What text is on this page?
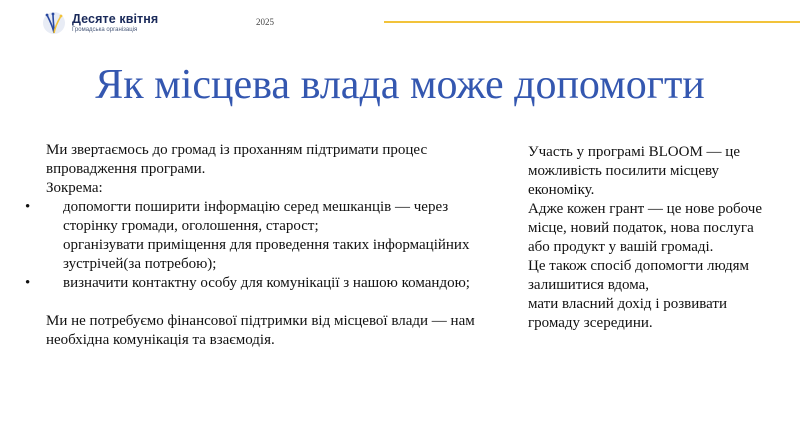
Десяте квітня
Громадська організація
2025
Як місцева влада може допомогти

Ми звертаємось до громад із проханням підтримати процес

впровадження програми.

Зокрема:

• допомогти поширити інформацію серед мешканців — через
сторінку громади, оголошення, старост;
організувати приміщення для проведення таких інформаційних
зустрічей(за потребою);
• визначити контактну особу для комунікації з нашою командою;

Ми не потребуємо фінансової підтримки від місцевої влади — нам

необхідна комунікація та взаємодія.

Участь у програмі BLOOM — це

можливість посилити місцеву

економіку.

Адже кожен грант — це нове робоче

місце, новий податок, нова послуга

або продукт у вашій громаді.

Це також спосіб допомогти людям

залишитися вдома,

мати власний дохід і розвивати

громаду зсередини.
